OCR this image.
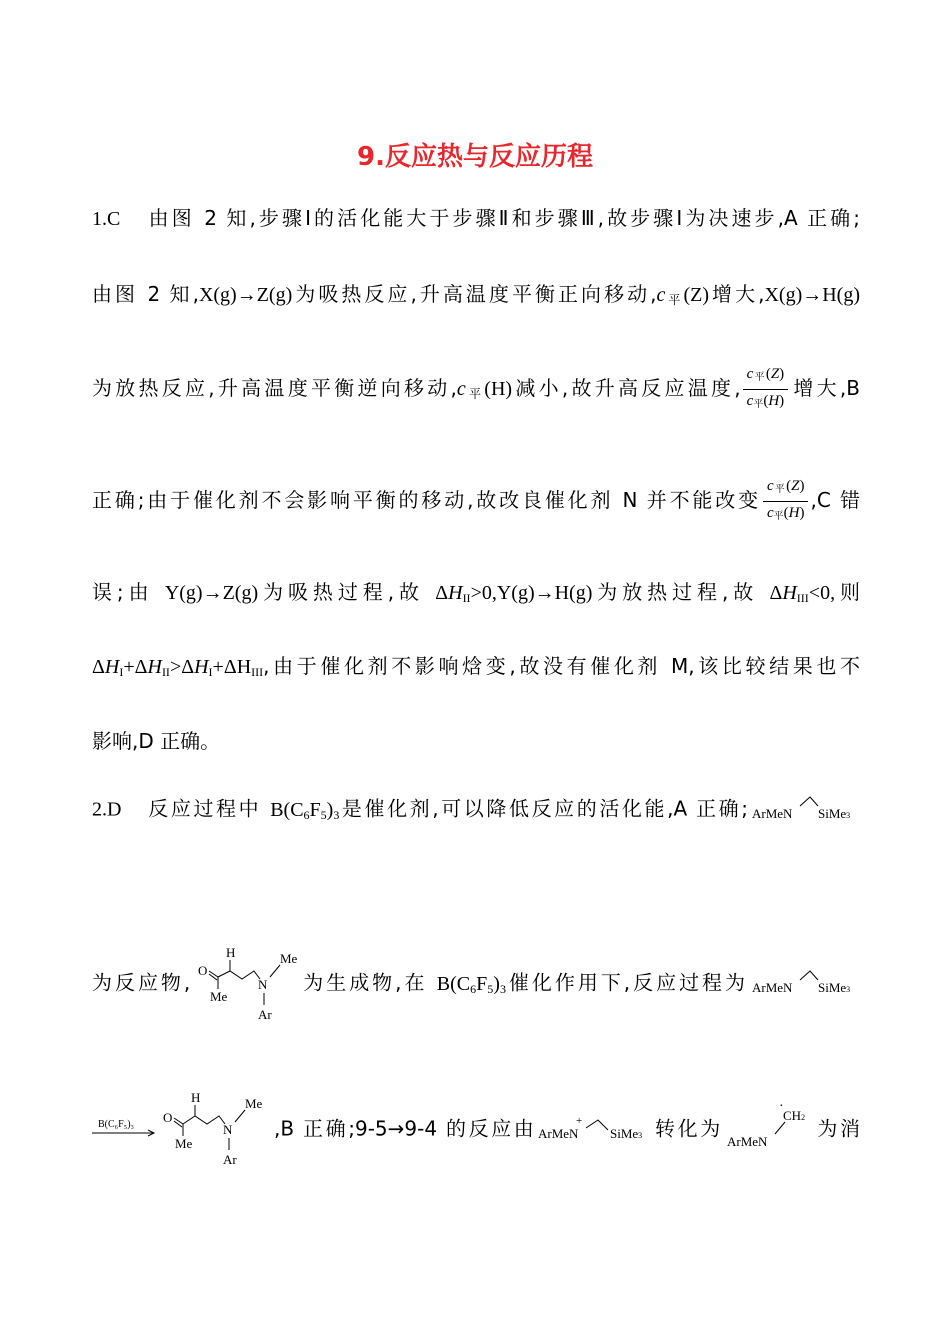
9.反应热与反应历程
1.C 由图 2 知,步骤Ⅰ的活化能大于步骤Ⅱ和步骤Ⅲ,故步骤Ⅰ为决速步,A 正确;
由图 2 知,X(g)→Z(g)为吸热反应,升高温度平衡正向移动$,c_平(Z)$增大,X(g)→H(g)
为放热反应,升高温度平衡逆向移动$,c_平(H)$减小,故升高反应温度, $\frac{c_平(Z)}{c_平(H)}$ 增大,B
正确;由于催化剂不会影响平衡的移动,故改良催化剂 N 并不能改变 $\frac{c_平(Z)}{c_平(H)} ,C$ 错
误;由 Y(g)→Z(g)为吸热过程,故 $\Delta H_{II}>0,Y(g)\to H(g)$为放热过程,故 $\Delta H_{III}<0$,则
$\Delta H_I+\Delta H_{II}>\Delta H_I+\Delta H_{III}$,由于催化剂不影响焓变,故没有催化剂 M,该比较结果也不
影响,D 正确。
2.D 反应过程中 $B(C_6F_5)_3$是催化剂,可以降低反应的活化能,A 正确; ArMeN SiMe3
为反应物,
H
O
Me
N
Me
Ar
为生成物,在 $B(C_6F_5)_3$催化作用下,反应过程为 ArMeN SiMe3
B(C₆F₅)₃
H
O
Me
N
Me
Ar
,B 正确;9-5→9-4 的反应由 ArMeN
+
SiMe3 转化为
ArMeN
·
CH2 为消
